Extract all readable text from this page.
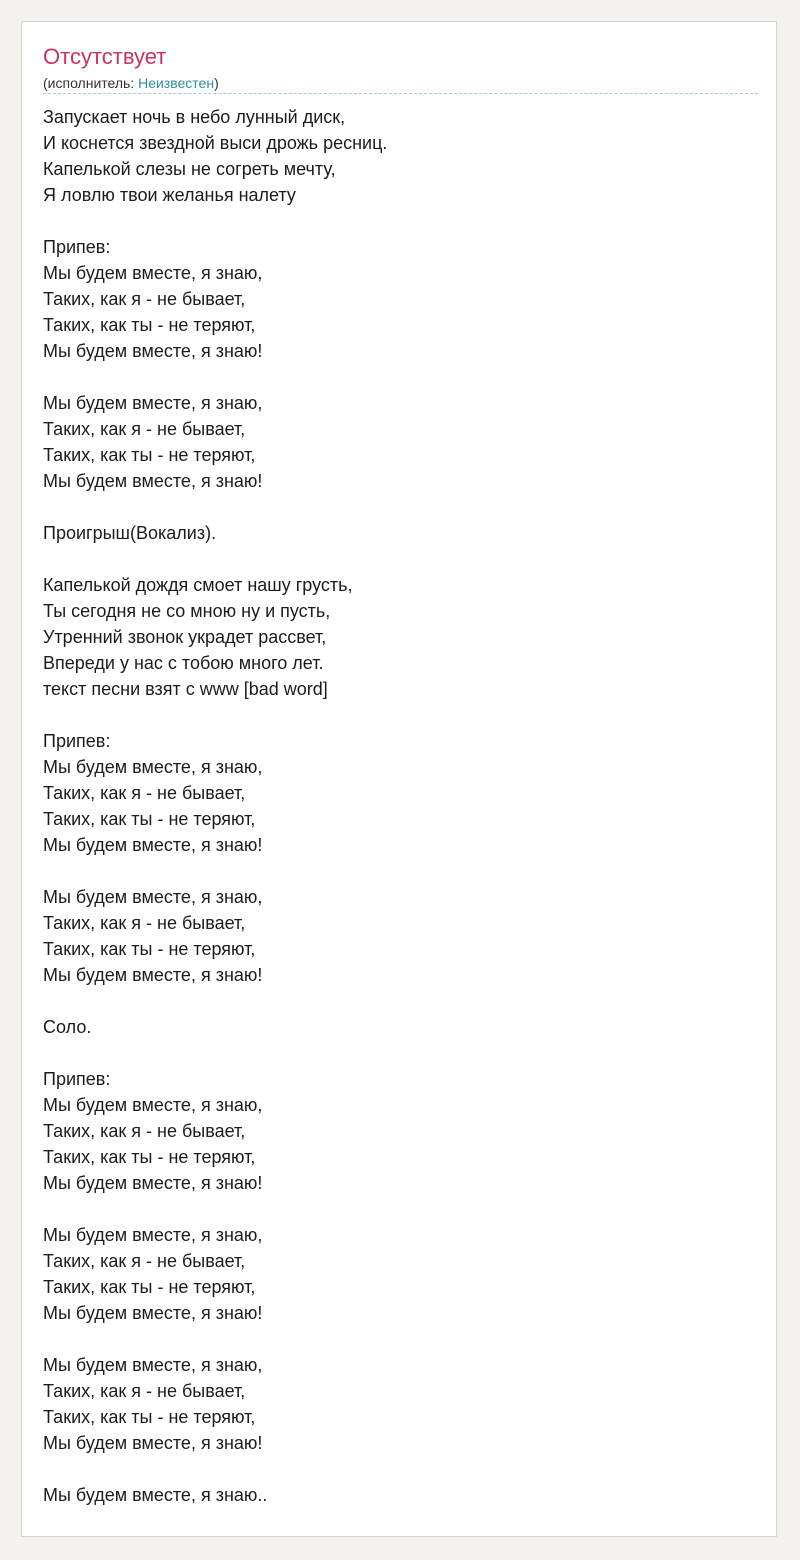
Отсутствует
(исполнитель: Неизвестен)
Запускает ночь в небо лунный диск,
И коснется звездной выси дрожь ресниц.
Капелькой слезы не согреть мечту,
Я ловлю твои желанья налету

Припев:
Мы будем вместе, я знаю,
Таких, как я - не бывает,
Таких, как ты - не теряют,
Мы будем вместе, я знаю!

Мы будем вместе, я знаю,
Таких, как я - не бывает,
Таких, как ты - не теряют,
Мы будем вместе, я знаю!

Проигрыш(Вокализ).

Капелькой дождя смоет нашу грусть,
Ты сегодня не со мною ну и пусть,
Утренний звонок украдет рассвет,
Впереди у нас с тобою много лет.
текст песни взят с www [bad word]

Припев:
Мы будем вместе, я знаю,
Таких, как я - не бывает,
Таких, как ты - не теряют,
Мы будем вместе, я знаю!

Мы будем вместе, я знаю,
Таких, как я - не бывает,
Таких, как ты - не теряют,
Мы будем вместе, я знаю!

Соло.

Припев:
Мы будем вместе, я знаю,
Таких, как я - не бывает,
Таких, как ты - не теряют,
Мы будем вместе, я знаю!

Мы будем вместе, я знаю,
Таких, как я - не бывает,
Таких, как ты - не теряют,
Мы будем вместе, я знаю!

Мы будем вместе, я знаю,
Таких, как я - не бывает,
Таких, как ты - не теряют,
Мы будем вместе, я знаю!

Мы будем вместе, я знаю..
